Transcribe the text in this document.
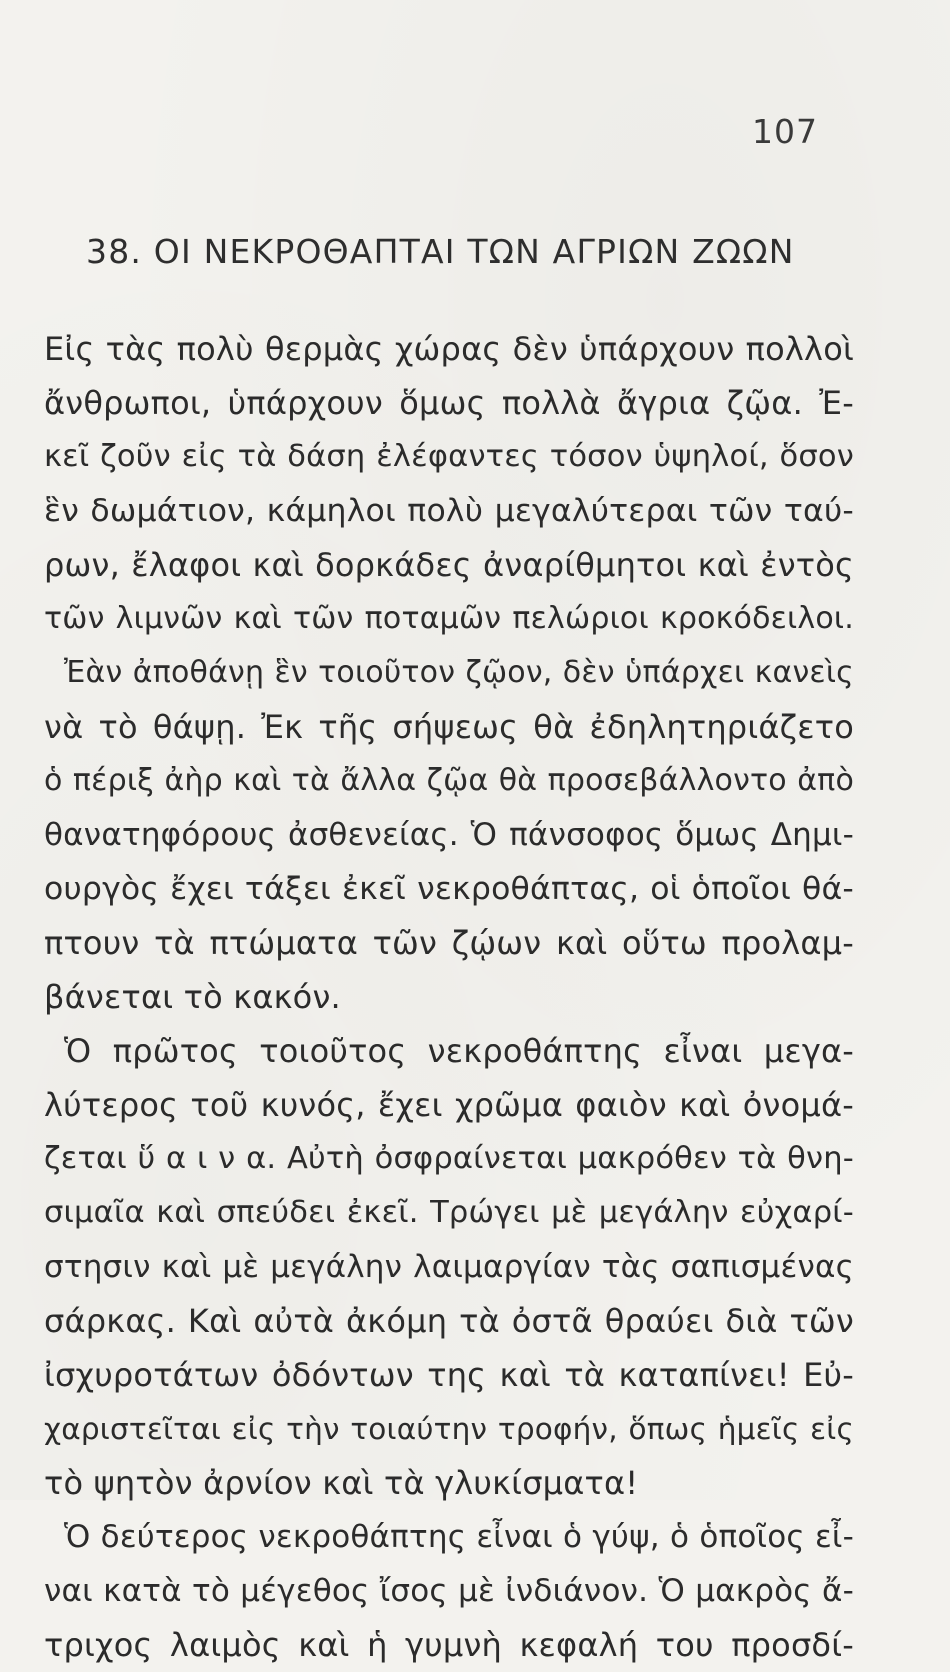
107
38. ΟΙ ΝΕΚΡΟΘΑΠΤΑΙ ΤΩΝ ΑΓΡΙΩΝ ΖΩΩΝ
Εἰς τὰς πολὺ θερμὰς χώρας δὲν ὑπάρχουν πολλοὶ
ἄνθρωποι, ὑπάρχουν ὅμως πολλὰ ἄγρια ζῷα. Ἐ-
κεῖ ζοῦν εἰς τὰ δάση ἐλέφαντες τόσον ὑψηλοί, ὅσον
ἓν δωμάτιον, κάμηλοι πολὺ μεγαλύτεραι τῶν ταύ-
ρων, ἔλαφοι καὶ δορκάδες ἀναρίθμητοι καὶ ἐντὸς
τῶν λιμνῶν καὶ τῶν ποταμῶν πελώριοι κροκόδειλοι.
Ἐὰν ἀποθάνῃ ἓν τοιοῦτον ζῷον, δὲν ὑπάρχει κανεὶς
νὰ τὸ θάψῃ. Ἐκ τῆς σήψεως θὰ ἐδηλητηριάζετο
ὁ πέριξ ἀὴρ καὶ τὰ ἄλλα ζῷα θὰ προσεβάλλοντο ἀπὸ
θανατηφόρους ἀσθενείας. Ὁ πάνσοφος ὅμως Δημι-
ουργὸς ἔχει τάξει ἐκεῖ νεκροθάπτας, οἱ ὁποῖοι θά-
πτουν τὰ πτώματα τῶν ζῴων καὶ οὕτω προλαμ-
βάνεται τὸ κακόν.
Ὁ πρῶτος τοιοῦτος νεκροθάπτης εἶναι μεγα-
λύτερος τοῦ κυνός, ἔχει χρῶμα φαιὸν καὶ ὀνομά-
ζεται ὕ α ι ν α. Αὐτὴ ὀσφραίνεται μακρόθεν τὰ θνη-
σιμαῖα καὶ σπεύδει ἐκεῖ. Τρώγει μὲ μεγάλην εὐχαρί-
στησιν καὶ μὲ μεγάλην λαιμαργίαν τὰς σαπισμένας
σάρκας. Καὶ αὐτὰ ἀκόμη τὰ ὀστᾶ θραύει διὰ τῶν
ἰσχυροτάτων ὀδόντων της καὶ τὰ καταπίνει! Εὐ-
χαριστεῖται εἰς τὴν τοιαύτην τροφήν, ὅπως ἡμεῖς εἰς
τὸ ψητὸν ἀρνίον καὶ τὰ γλυκίσματα!
Ὁ δεύτερος νεκροθάπτης εἶναι ὁ γύψ, ὁ ὁποῖος εἶ-
ναι κατὰ τὸ μέγεθος ἴσος μὲ ἰνδιάνον. Ὁ μακρὸς ἄ-
τριχος λαιμὸς καὶ ἡ γυμνὴ κεφαλή του προσδί-
